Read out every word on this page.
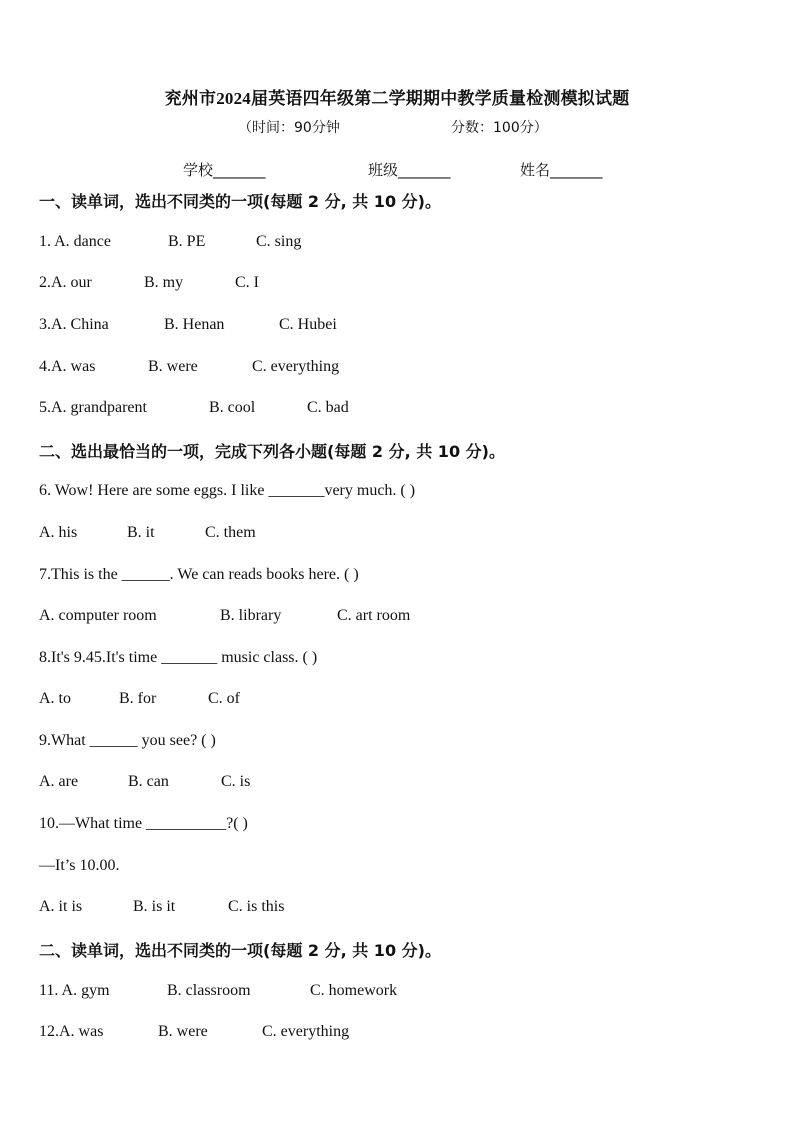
兖州市2024届英语四年级第二学期期中教学质量检测模拟试题
（时间：90分钟	分数：100分）
学校_______	班级_______	姓名_______
一、读单词，选出不同类的一项(每题 2 分, 共 10 分)。
1. A. dance	B. PE	C. sing
2.A. our	B. my	C. I
3.A. China	B. Henan	C. Hubei
4.A. was	B. were	C. everything
5.A. grandparent	B. cool	C. bad
二、选出最恰当的一项，完成下列各小题(每题 2 分, 共 10 分)。
6. Wow! Here are some eggs. I like _______very much. ( )
A. his	B. it	C. them
7.This is the ______. We can reads books here. ( )
A. computer room	B. library	C. art room
8.It's 9.45.It's time _______ music class. ( )
A. to	B. for	C. of
9.What ______ you see? ( )
A. are	B. can	C. is
10.—What time __________?( )
—It’s 10.00.
A. it is	B. is it	C. is this
二、读单词，选出不同类的一项(每题 2 分, 共 10 分)。
11. A. gym	B. classroom	C. homework
12.A. was	B. were	C. everything
